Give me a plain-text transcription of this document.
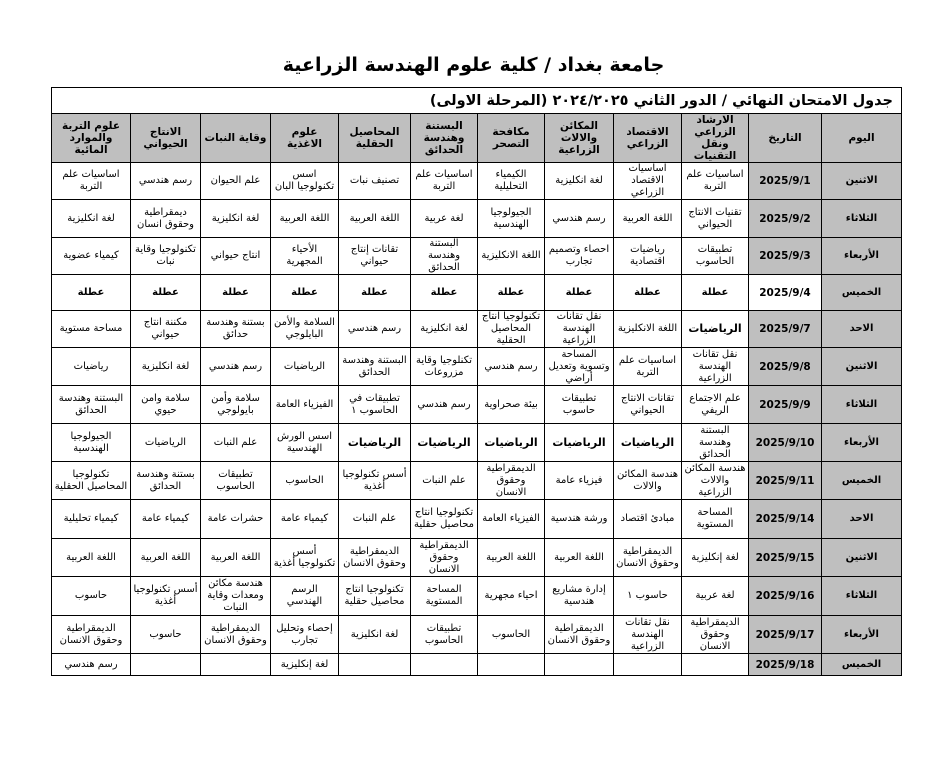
جامعة بغداد / كلية علوم الهندسة الزراعية
جدول الامتحان النهائي / الدور الثاني ٢٠٢٤/٢٠٢٥ (المرحلة الاولى)											
اليوم	التاريخ	الارشاد الزراعي ونقل التقنيات	الاقتصاد الزراعي	المكائن والالات الزراعية	مكافحة التصحر	البستنة وهندسة الحدائق	المحاصيل الحقلية	علوم الاغذية	وقاية النبات	الانتاج الحيواني	علوم التربة والموارد المائية
الاثنين	2025/9/1	اساسيات علم التربة	اساسيات الاقتصاد الزراعي	لغة انكليزية	الكيمياء التحليلية	اساسيات علم التربة	تصنيف نبات	اسس تكنولوجيا البان	علم الحيوان	رسم هندسي	اساسيات علم التربة
الثلاثاء	2025/9/2	تقنيات الانتاج الحيواني	اللغة العربية	رسم هندسي	الجيولوجيا الهندسية	لغة عربية	اللغة العربية	اللغة العربية	لغة انكليزية	ديمقراطية وحقوق انسان	لغة انكليزية
الأربعاء	2025/9/3	تطبيقات الحاسوب	رياضيات اقتصادية	احصاء وتصميم تجارب	اللغة الانكليزية	البستنة وهندسة الحدائق	تقانات إنتاج حيواني	الأحياء المجهرية	انتاج حيواني	تكنولوجيا وقاية نبات	كيمياء عضوية
الخميس	2025/9/4	عطلة	عطلة	عطلة	عطلة	عطلة	عطلة	عطلة	عطلة	عطلة	عطلة
الاحد	2025/9/7	الرياضيات	اللغة الانكليزية	نقل تقانات الهندسة الزراعية	تكنولوجيا انتاج المحاصيل الحقلية	لغة انكليزية	رسم هندسي	السلامة والأمن البايلوجي	بستنة وهندسة حدائق	مكننة انتاج حيواني	مساحة مستوية
الاثنين	2025/9/8	نقل تقانات الهندسة الزراعية	اساسيات علم التربة	المساحة وتسوية وتعديل أراضي	رسم هندسي	تكنلوجيا وقاية مزروعات	البستنة وهندسة الحدائق	الرياضيات	رسم هندسي	لغة انكليزية	رياضيات
الثلاثاء	2025/9/9	علم الاجتماع الريفي	تقانات الانتاج الحيواني	تطبيقات حاسوب	بيئة صحراوية	رسم هندسي	تطبيقات في الحاسوب ١	الفيزياء العامة	سلامة وأمن بايولوجي	سلامة وامن حيوي	البستنة وهندسة الحدائق
الأربعاء	2025/9/10	البستنة وهندسة الحدائق	الرياضيات	الرياضيات	الرياضيات	الرياضيات	الرياضيات	اسس الورش الهندسية	علم النبات	الرياضيات	الجيولوجيا الهندسية
الخميس	2025/9/11	هندسة المكائن والالات الزراعية	هندسة المكائن والالات	فيزياء عامة	الديمقراطية وحقوق الانسان	علم النبات	أسس تكنولوجيا أغذية	الحاسوب	تطبيقات الحاسوب	بستنة وهندسة الحدائق	تكنولوجيا المحاصيل الحقلية
الاحد	2025/9/14	المساحة المستوية	مبادئ اقتصاد	ورشة هندسية	الفيزياء العامة	تكنولوجيا انتاج محاصيل حقلية	علم النبات	كيمياء عامة	حشرات عامة	كيمياء عامة	كيمياء تحليلية
الاثنين	2025/9/15	لغة إنكليزية	الديمقراطية وحقوق الانسان	اللغة العربية	اللغة العربية	الديمقراطية وحقوق الانسان	الديمقراطية وحقوق الانسان	أسس تكنولوجيا أغذية	اللغة العربية	اللغة العربية	اللغة العربية
الثلاثاء	2025/9/16	لغة عربية	حاسوب ١	إدارة مشاريع هندسية	احياء مجهرية	المساحة المستوية	تكنولوجيا انتاج محاصيل حقلية	الرسم الهندسي	هندسة مكائن ومعدات وقاية النبات	أسس تكنولوجيا أغذية	حاسوب
الأربعاء	2025/9/17	الديمقراطية وحقوق الانسان	نقل تقانات الهندسة الزراعية	الديمقراطية وحقوق الانسان	الحاسوب	تطبيقات الحاسوب	لغة انكليزية	إحصاء وتحليل تجارب	الديمقراطية وحقوق الانسان	حاسوب	الديمقراطية وحقوق الانسان
الخميس	2025/9/18							لغة إنكليزية			رسم هندسي
